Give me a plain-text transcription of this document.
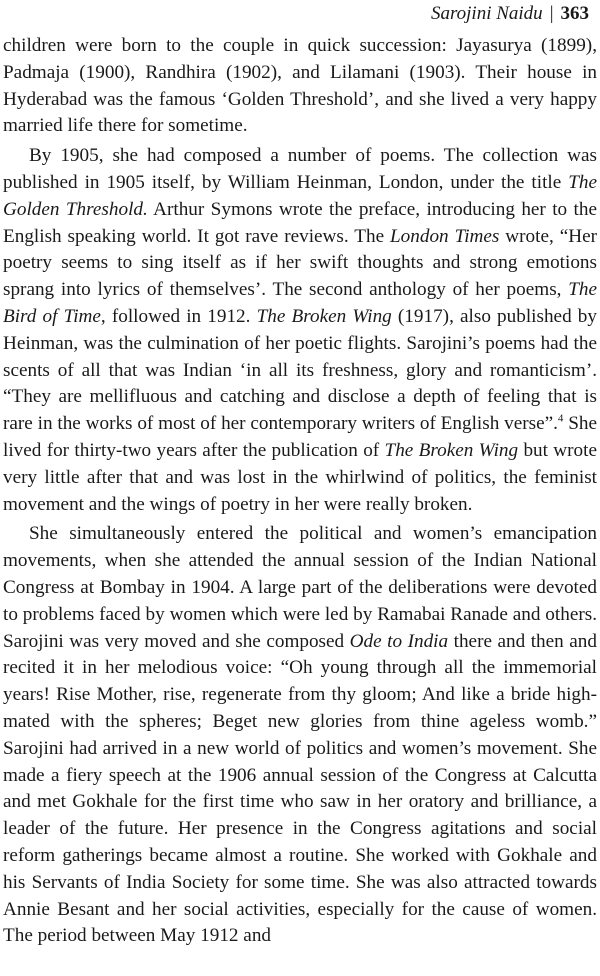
Sarojini Naidu | 363

children were born to the couple in quick succession: Jayasurya (1899), Padmaja (1900), Randhira (1902), and Lilamani (1903). Their house in Hyderabad was the famous ‘Golden Threshold’, and she lived a very happy married life there for sometime.

By 1905, she had composed a number of poems. The collection was published in 1905 itself, by William Heinman, London, under the title The Golden Threshold. Arthur Symons wrote the preface, introducing her to the English speaking world. It got rave reviews. The London Times wrote, “Her poetry seems to sing itself as if her swift thoughts and strong emotions sprang into lyrics of themselves’. The second anthology of her poems, The Bird of Time, followed in 1912. The Broken Wing (1917), also published by Heinman, was the culmination of her poetic flights. Sarojini’s poems had the scents of all that was Indian ‘in all its freshness, glory and romanticism’. “They are mellifluous and catching and disclose a depth of feeling that is rare in the works of most of her contemporary writers of English verse”.$^4$ She lived for thirty-two years after the publication of The Broken Wing but wrote very little after that and was lost in the whirlwind of politics, the feminist movement and the wings of poetry in her were really broken.

She simultaneously entered the political and women’s emancipation movements, when she attended the annual session of the Indian National Congress at Bombay in 1904. A large part of the deliberations were devoted to problems faced by women which were led by Ramabai Ranade and others. Sarojini was very moved and she composed Ode to India there and then and recited it in her melodious voice: “Oh young through all the immemorial years! Rise Mother, rise, regenerate from thy gloom; And like a bride high-mated with the spheres; Beget new glories from thine ageless womb.” Sarojini had arrived in a new world of politics and women’s movement. She made a fiery speech at the 1906 annual session of the Congress at Calcutta and met Gokhale for the first time who saw in her oratory and brilliance, a leader of the future. Her presence in the Congress agitations and social reform gatherings became almost a routine. She worked with Gokhale and his Servants of India Society for some time. She was also attracted towards Annie Besant and her social activities, especially for the cause of women. The period between May 1912 and
